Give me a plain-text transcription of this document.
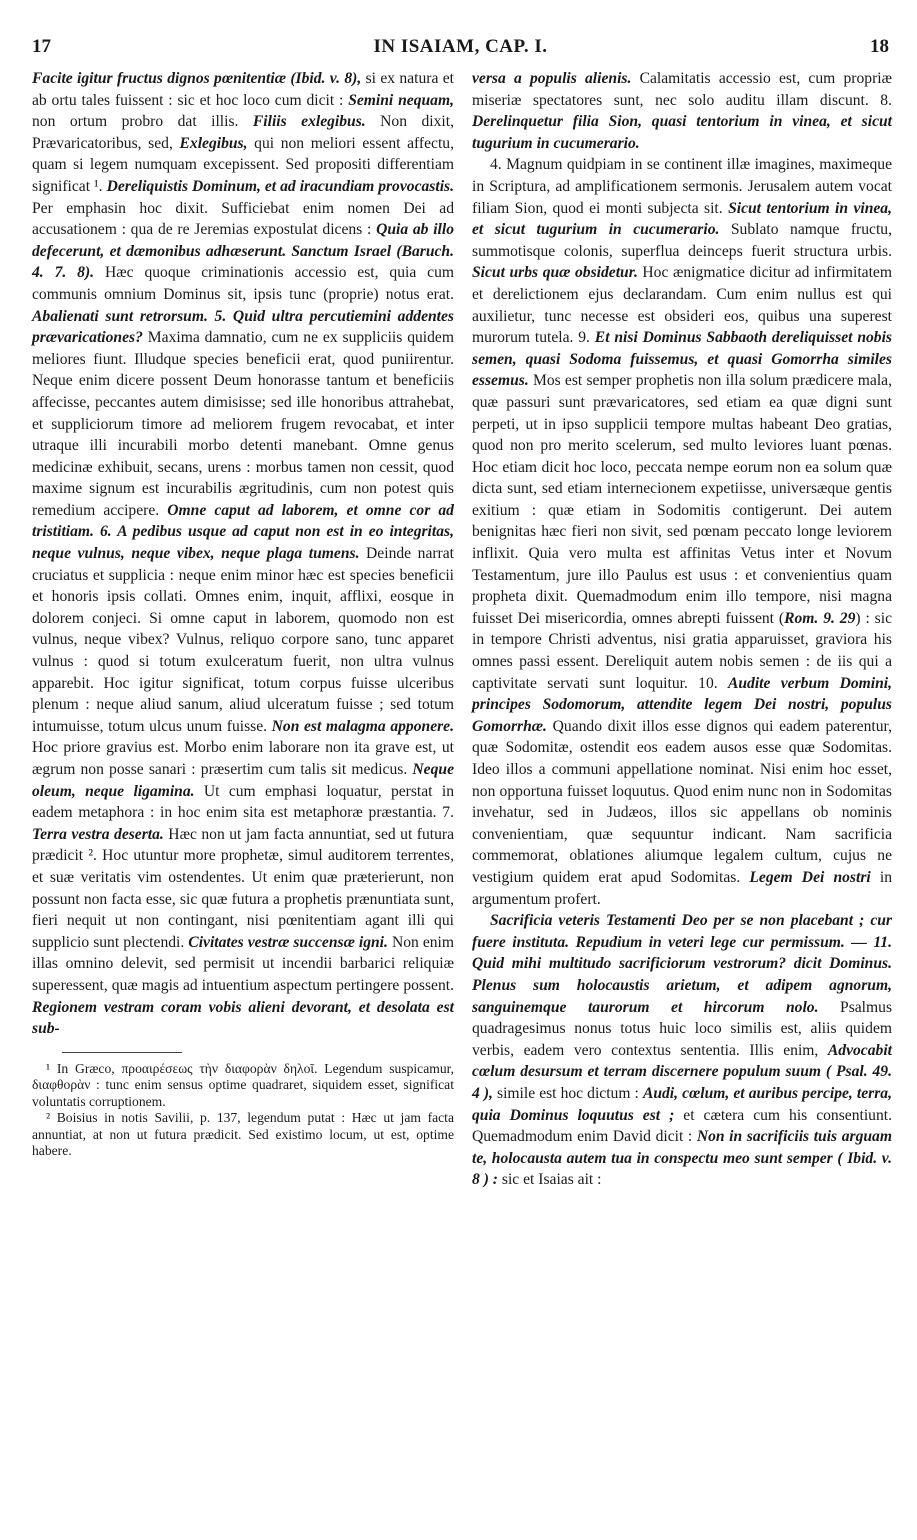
17	IN ISAIAM, CAP. I.	18

Facite igitur fructus dignos pœnitentiæ (Ibid. v. 8), si ex natura et ab ortu tales fuissent : sic et hoc loco cum dicit : Semini nequam, non ortum probro dat illis. Filiis exlegibus. Non dixit, Prævaricatoribus, sed, Exlegibus, qui non meliori essent affectu, quam si legem numquam excepissent. Sed propositi differentiam significat ¹. Dereliquistis Dominum, et ad iracundiam provocastis. Per emphasin hoc dixit. Sufficiebat enim nomen Dei ad accusationem : qua de re Jeremias expostulat dicens : Quia ab illo defecerunt, et dæmonibus adhæserunt. Sanctum Israel (Baruch. 4. 7. 8). Hæc quoque criminationis accessio est, quia cum communis omnium Dominus sit, ipsis tunc (proprie) notus erat. Abalienati sunt retrorsum. 5. Quid ultra percutiemini addentes prævaricationes? Maxima damnatio, cum ne ex suppliciis quidem meliores fiunt. Illudque species beneficii erat, quod puniirentur. Neque enim dicere possent Deum honorasse tantum et beneficiis affecisse, peccantes autem dimisisse; sed ille honoribus attrahebat, et suppliciorum timore ad meliorem frugem revocabat, et inter utraque illi incurabili morbo detenti manebant. Omne genus medicinæ exhibuit, secans, urens : morbus tamen non cessit, quod maxime signum est incurabilis ægritudinis, cum non potest quis remedium accipere. Omne caput ad laborem, et omne cor ad tristitiam. 6. A pedibus usque ad caput non est in eo integritas, neque vulnus, neque vibex, neque plaga tumens. Deinde narrat cruciatus et supplicia : neque enim minor hæc est species beneficii et honoris ipsis collati. Omnes enim, inquit, afflixi, eosque in dolorem conjeci. Si omne caput in laborem, quomodo non est vulnus, neque vibex? Vulnus, reliquo corpore sano, tunc apparet vulnus : quod si totum exulceratum fuerit, non ultra vulnus apparebit. Hoc igitur significat, totum corpus fuisse ulceribus plenum : neque aliud sanum, aliud ulceratum fuisse ; sed totum intumuisse, totum ulcus unum fuisse. Non est malagma apponere. Hoc priore gravius est. Morbo enim laborare non ita grave est, ut ægrum non posse sanari : præsertim cum talis sit medicus. Neque oleum, neque ligamina. Ut cum emphasi loquatur, perstat in eadem metaphora : in hoc enim sita est metaphoræ præstantia. 7. Terra vestra deserta. Hæc non ut jam facta annuntiat, sed ut futura prædicit ². Hoc utuntur more prophetæ, simul auditorem terrentes, et suæ veritatis vim ostendentes. Ut enim quæ præterierunt, non possunt non facta esse, sic quæ futura a prophetis prænuntiata sunt, fieri nequit ut non contingant, nisi pœnitentiam agant illi qui supplicio sunt plectendi. Civitates vestræ succensæ igni. Non enim illas omnino delevit, sed permisit ut incendii barbarici reliquiæ superessent, quæ magis ad intuentium aspectum pertingere possent. Regionem vestram coram vobis alieni devorant, et desolata est sub-

¹ In Græco, προαιρέσεως τὴν διαφορὰν δηλοῖ. Legendum suspicamur, διαφθορὰν : tunc enim sensus optime quadraret, siquidem esset, significat voluntatis corruptionem.

² Boisius in notis Savilii, p. 137, legendum putat : Hæc ut jam facta annuntiat, at non ut futura prædicit. Sed existimo locum, ut est, optime habere.

versa a populis alienis. Calamitatis accessio est, cum propriæ miseriæ spectatores sunt, nec solo auditu illam discunt. 8. Derelinquetur filia Sion, quasi tentorium in vinea, et sicut tugurium in cucumerario.

4. Magnum quidpiam in se continent illæ imagines, maximeque in Scriptura, ad amplificationem sermonis. Jerusalem autem vocat filiam Sion, quod ei monti subjecta sit. Sicut tentorium in vinea, et sicut tugurium in cucumerario. Sublato namque fructu, summotisque colonis, superflua deinceps fuerit structura urbis. Sicut urbs quæ obsidetur. Hoc ænigmatice dicitur ad infirmitatem et derelictionem ejus declarandam. Cum enim nullus est qui auxilietur, tunc necesse est obsideri eos, quibus una superest murorum tutela. 9. Et nisi Dominus Sabbaoth dereliquisset nobis semen, quasi Sodoma fuissemus, et quasi Gomorrha similes essemus. Mos est semper prophetis non illa solum prædicere mala, quæ passuri sunt prævaricatores, sed etiam ea quæ digni sunt perpeti, ut in ipso supplicii tempore multas habeant Deo gratias, quod non pro merito scelerum, sed multo leviores luant pœnas. Hoc etiam dicit hoc loco, peccata nempe eorum non ea solum quæ dicta sunt, sed etiam internecionem expetiisse, universæque gentis exitium : quæ etiam in Sodomitis contigerunt. Dei autem benignitas hæc fieri non sivit, sed pœnam peccato longe leviorem inflixit. Quia vero multa est affinitas Vetus inter et Novum Testamentum, jure illo Paulus est usus : et convenientius quam propheta dixit. Quemadmodum enim illo tempore, nisi magna fuisset Dei misericordia, omnes abrepti fuissent (Rom. 9. 29) : sic in tempore Christi adventus, nisi gratia apparuisset, graviora his omnes passi essent. Dereliquit autem nobis semen : de iis qui a captivitate servati sunt loquitur. 10. Audite verbum Domini, principes Sodomorum, attendite legem Dei nostri, populus Gomorrhæ. Quando dixit illos esse dignos qui eadem paterentur, quæ Sodomitæ, ostendit eos eadem ausos esse quæ Sodomitas. Ideo illos a communi appellatione nominat. Nisi enim hoc esset, non opportuna fuisset loquutus. Quod enim nunc non in Sodomitas invehatur, sed in Judæos, illos sic appellans ob nominis convenientiam, quæ sequuntur indicant. Nam sacrificia commemorat, oblationes aliumque legalem cultum, cujus ne vestigium quidem erat apud Sodomitas. Legem Dei nostri in argumentum profert.

Sacrificia veteris Testamenti Deo per se non placebant ; cur fuere instituta. Repudium in veteri lege cur permissum. — 11. Quid mihi multitudo sacrificiorum vestrorum? dicit Dominus. Plenus sum holocaustis arietum, et adipem agnorum, sanguinemque taurorum et hircorum nolo. Psalmus quadragesimus nonus totus huic loco similis est, aliis quidem verbis, eadem vero contextus sententia. Illis enim, Advocabit cœlum desursum et terram discernere populum suum ( Psal. 49. 4 ), simile est hoc dictum : Audi, cœlum, et auribus percipe, terra, quia Dominus loquutus est ; et cætera cum his consentiunt. Quemadmodum enim David dicit : Non in sacrificiis tuis arguam te, holocausta autem tua in conspectu meo sunt semper ( Ibid. v. 8 ) : sic et Isaias ait :
